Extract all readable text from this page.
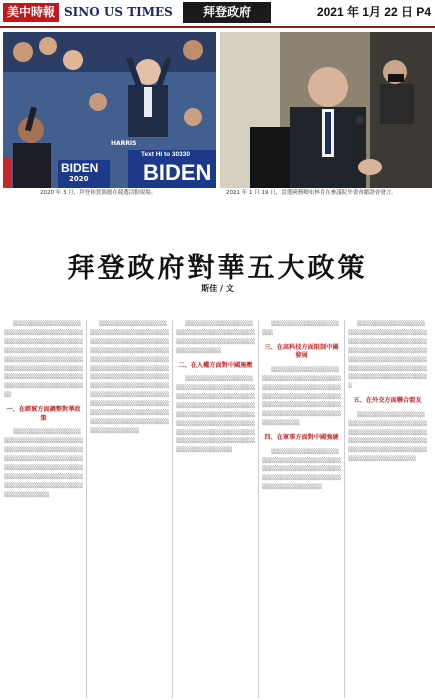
美中時報 SINO US TIMES	拜登政府	2021 年 1月 22 日 P4
BIDEN
2020
HARRIS
Text HI to 30330
BIDEN
2020 年 3 月，拜登和賀錦麗在競選活動現場。	2021 年 1 月 19 日，當選國務卿布林肯在參議院外委會聽證會發言。
拜登政府對華五大政策
斯佳 / 文

░░░░░░░░░░░░░░░░░░░░░░░░░░░░░░░░░░░░░░░░░░░░░░░░░░░░░░░░░░░░░░░░░░░░░░░░░░░░░░░░░░░░░░░░░░░░░░░░░░░░░░░░░░░░░░░░░░░░░░░░░░░░░░░░░░░░░░░░░░░░░░░░░░░░░░░░░░░░░░░░░░░░░░░

一、在經貿方面調整對華政策

░░░░░░░░░░░░░░░░░░░░░░░░░░░░░░░░░░░░░░░░░░░░░░░░░░░░░░░░░░░░░░░░░░░░░░░░░░░░░░░░░░░░░░░░░░░░░░░░░░░░░░░░░░░░░░░░░░░░░░░░░░░░░░░░░░░░░░░░░░░░░░░░░░░░░░░░░░░░

░░░░░░░░░░░░░░░░░░░░░░░░░░░░░░░░░░░░░░░░░░░░░░░░░░░░░░░░░░░░░░░░░░░░░░░░░░░░░░░░░░░░░░░░░░░░░░░░░░░░░░░░░░░░░░░░░░░░░░░░░░░░░░░░░░░░░░░░░░░░░░░░░░░░░░░░░░░░░░░░░░░░░░░░░░░░░░░░░░░░░░░░░░░░░░░░░░░░░░░░░░░░░░░░░░░░░░░░░░░░░░░░░░░░░░░░░░░░░░░░░░░░░░░░░░░░░░░░░░░░░░

░░░░░░░░░░░░░░░░░░░░░░░░░░░░░░░░░░░░░░░░░░░░░░░░░░░░░░░░░░░░░░░░░░░░░░░░

二、在人權方面對中國施壓

░░░░░░░░░░░░░░░░░░░░░░░░░░░░░░░░░░░░░░░░░░░░░░░░░░░░░░░░░░░░░░░░░░░░░░░░░░░░░░░░░░░░░░░░░░░░░░░░░░░░░░░░░░░░░░░░░░░░░░░░░░░░░░░░░░░░░░░░░░░░░░░░░░░░░░░░░░░░░░░░░░░░░░░░░░░░░░░░░░░░

░░░░░░░░░░░░░░░░░░░░░

三、在高科技方面限制中國發展

░░░░░░░░░░░░░░░░░░░░░░░░░░░░░░░░░░░░░░░░░░░░░░░░░░░░░░░░░░░░░░░░░░░░░░░░░░░░░░░░░░░░░░░░░░░░░░░░░░░░░░░░░░░░░░░░░░░░░░░░░░░░░░░░░░░░░

四、在軍事方面對中國強硬

░░░░░░░░░░░░░░░░░░░░░░░░░░░░░░░░░░░░░░░░░░░░░░░░░░░░░░░░░░░░░░░░░░░░░░░░░░░░░░░░░░░░░░░░░░░░░░░░░

░░░░░░░░░░░░░░░░░░░░░░░░░░░░░░░░░░░░░░░░░░░░░░░░░░░░░░░░░░░░░░░░░░░░░░░░░░░░░░░░░░░░░░░░░░░░░░░░░░░░░░░░░░░░░░░░░░░░░░░░░░░░░░░░░░░░░░░░░░░░░░░░░

五、在外交方面聯合盟友

░░░░░░░░░░░░░░░░░░░░░░░░░░░░░░░░░░░░░░░░░░░░░░░░░░░░░░░░░░░░░░░░░░░░░░░░░░░░░░░░░░░░░░░░░░░░░░░░░░░░░░░░░░░░░░░░░░░░░░░░
